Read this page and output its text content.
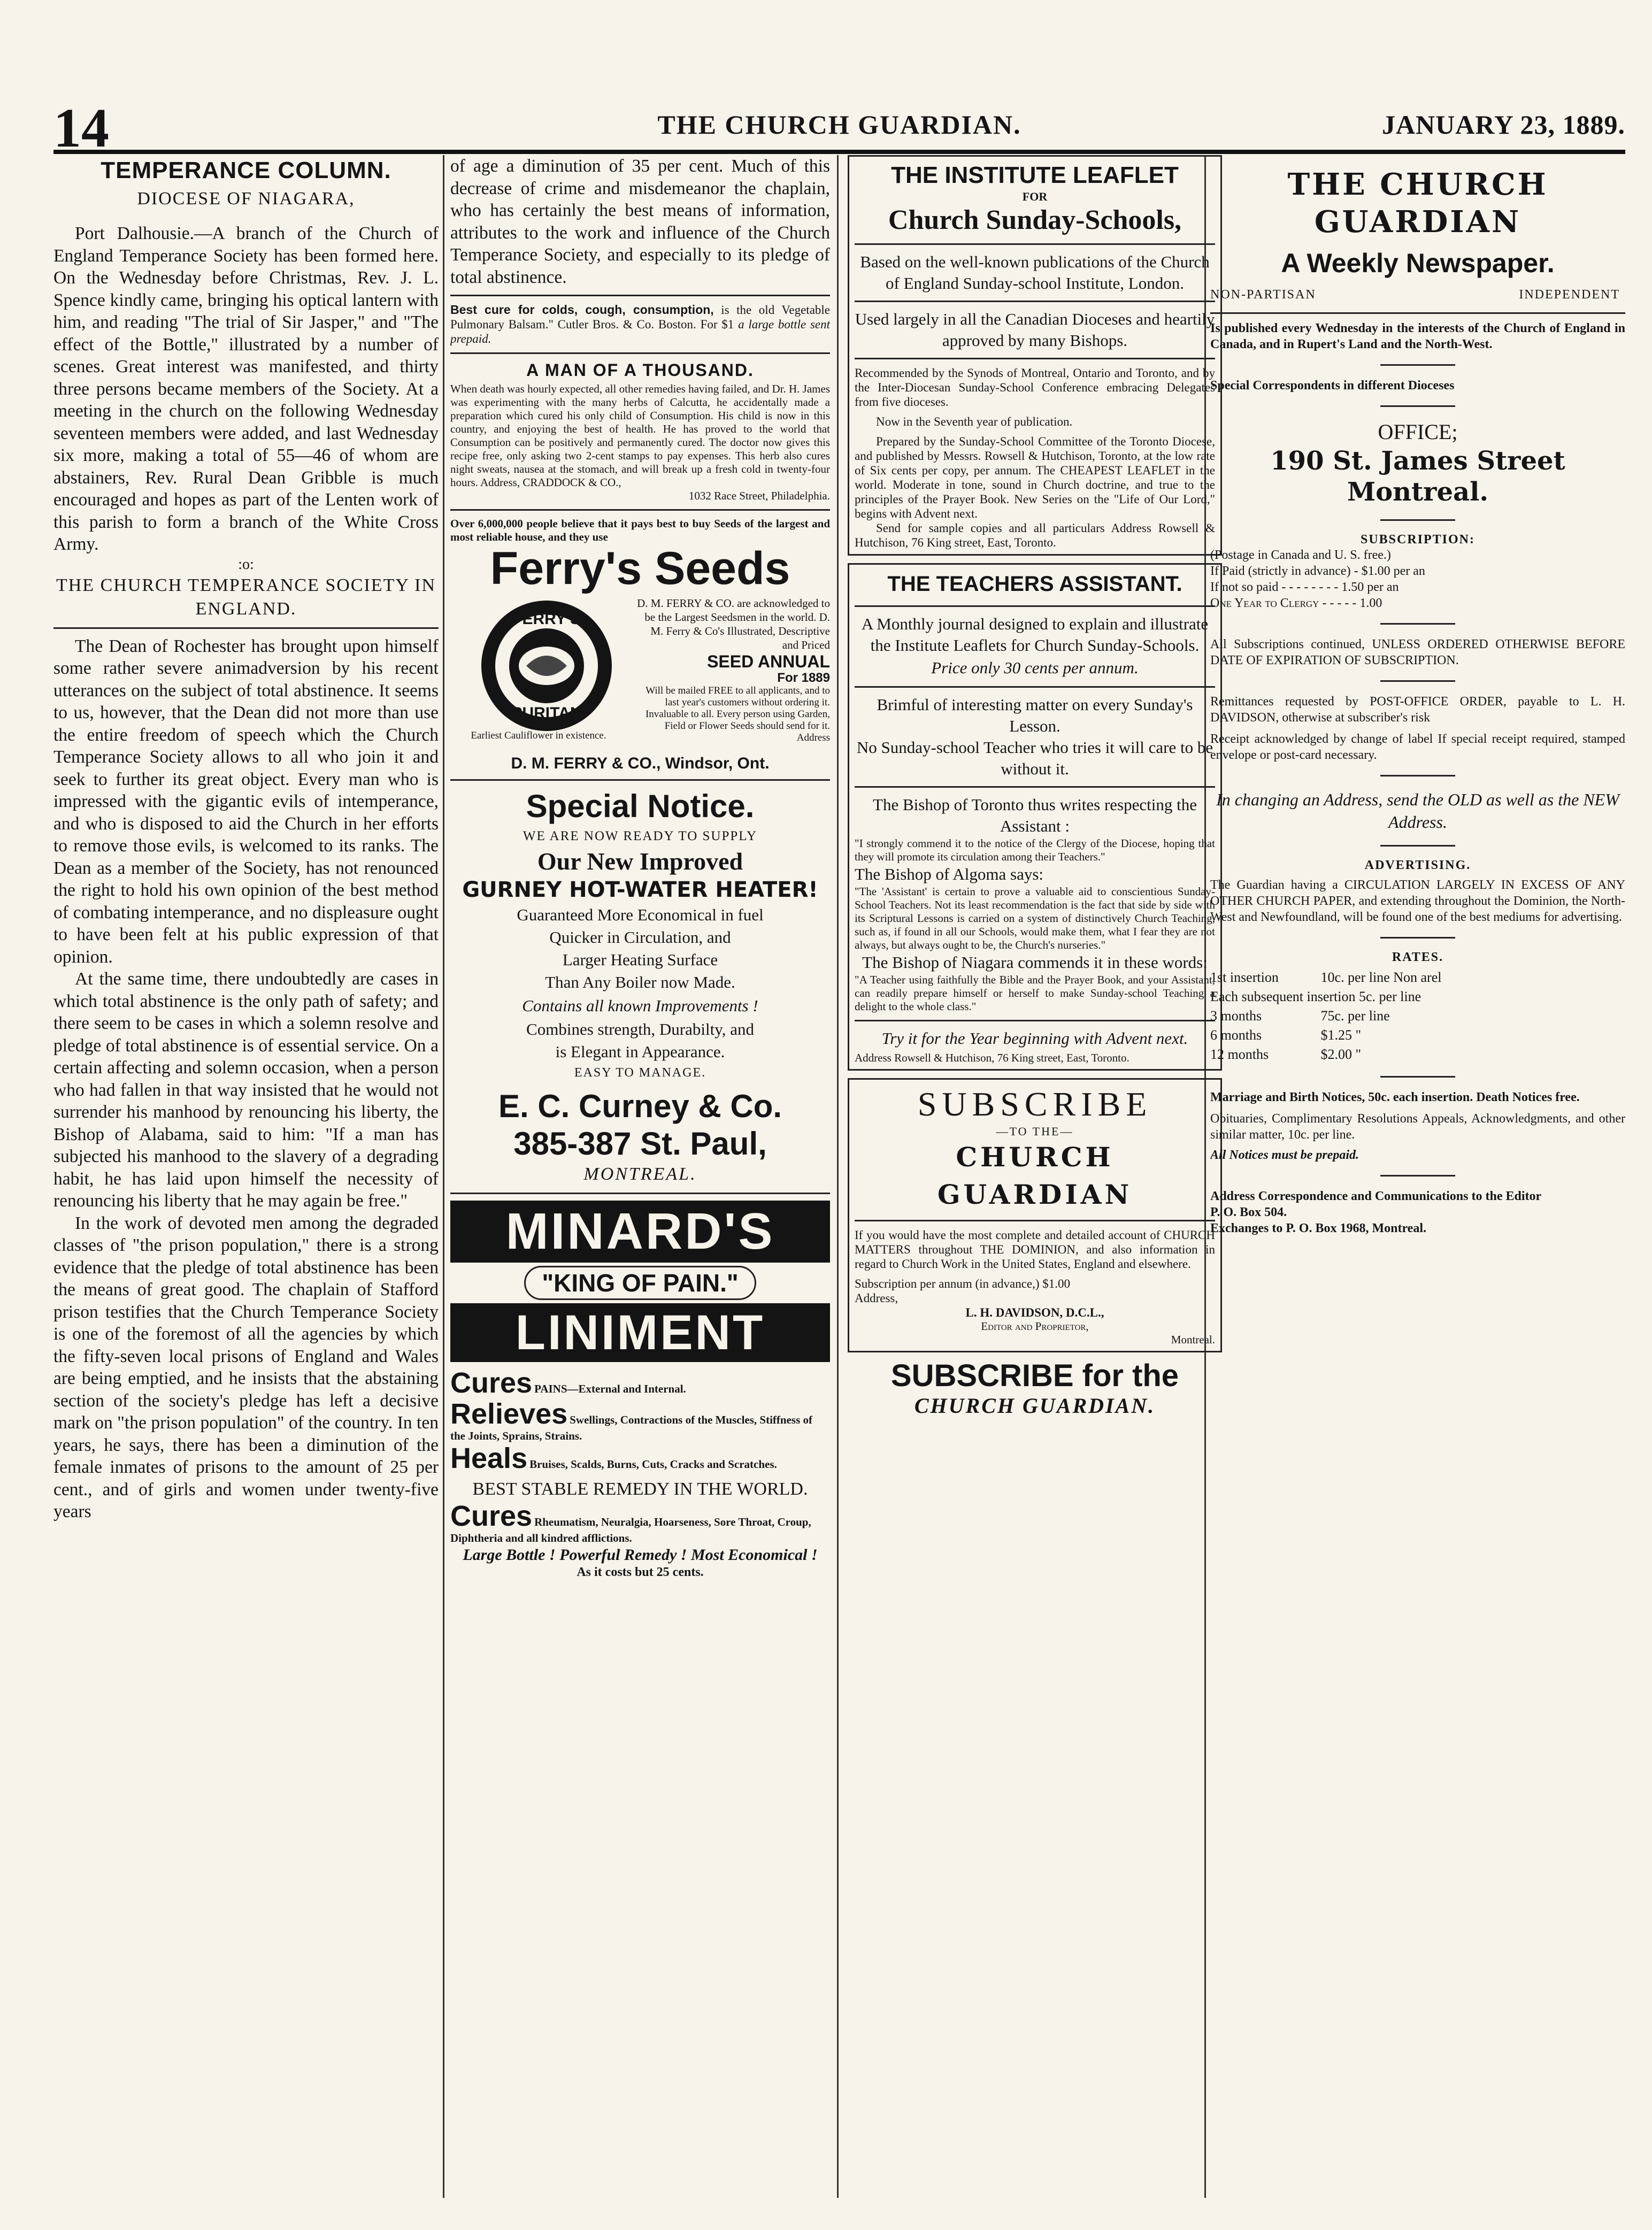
14	THE CHURCH GUARDIAN.	JANUARY 23, 1889.
TEMPERANCE COLUMN.
DIOCESE OF NIAGARA,

Port Dalhousie.—A branch of the Church of England Temperance Society has been formed here. On the Wednesday before Christmas, Rev. J. L. Spence kindly came, bringing his optical lantern with him, and reading "The trial of Sir Jasper," and "The effect of the Bottle," illustrated by a number of scenes. Great interest was manifested, and thirty three persons became members of the Society. At a meeting in the church on the following Wednesday seventeen members were added, and last Wednesday six more, making a total of 55—46 of whom are abstainers, Rev. Rural Dean Gribble is much encouraged and hopes as part of the Lenten work of this parish to form a branch of the White Cross Army.

:o:
THE CHURCH TEMPERANCE SOCIETY IN ENGLAND.

The Dean of Rochester has brought upon himself some rather severe animadversion by his recent utterances on the subject of total abstinence. It seems to us, however, that the Dean did not more than use the entire freedom of speech which the Church Temperance Society allows to all who join it and seek to further its great object. Every man who is impressed with the gigantic evils of intemperance, and who is disposed to aid the Church in her efforts to remove those evils, is welcomed to its ranks. The Dean as a member of the Society, has not renounced the right to hold his own opinion of the best method of combating intemperance, and no displeasure ought to have been felt at his public expression of that opinion.

At the same time, there undoubtedly are cases in which total abstinence is the only path of safety; and there seem to be cases in which a solemn resolve and pledge of total abstinence is of essential service. On a certain affecting and solemn occasion, when a person who had fallen in that way insisted that he would not surrender his manhood by renouncing his liberty, the Bishop of Alabama, said to him: "If a man has subjected his manhood to the slavery of a degrading habit, he has laid upon himself the necessity of renouncing his liberty that he may again be free."

In the work of devoted men among the degraded classes of "the prison population," there is a strong evidence that the pledge of total abstinence has been the means of great good. The chaplain of Stafford prison testifies that the Church Temperance Society is one of the foremost of all the agencies by which the fifty-seven local prisons of England and Wales are being emptied, and he insists that the abstaining section of the society's pledge has left a decisive mark on "the prison population" of the country. In ten years, he says, there has been a diminution of the female inmates of prisons to the amount of 25 per cent., and of girls and women under twenty-five years

of age a diminution of 35 per cent. Much of this decrease of crime and misdemeanor the chaplain, who has certainly the best means of information, attributes to the work and influence of the Church Temperance Society, and especially to its pledge of total abstinence.

Best cure for colds, cough, consumption, is the old Vegetable Pulmonary Balsam." Cutler Bros. & Co. Boston. For $1 a large bottle sent prepaid.

A MAN OF A THOUSAND.

When death was hourly expected, all other remedies having failed, and Dr. H. James was experimenting with the many herbs of Calcutta, he accidentally made a preparation which cured his only child of Consumption. His child is now in this country, and enjoying the best of health. He has proved to the world that Consumption can be positively and permanently cured. The doctor now gives this recipe free, only asking two 2-cent stamps to pay expenses. This herb also cures night sweats, nausea at the stomach, and will break up a fresh cold in twenty-four hours. Address, CRADDOCK & CO.,

1032 Race Street, Philadelphia.

Over 6,000,000 people believe that it pays best to buy Seeds of the largest and most reliable house, and they use

Ferry's Seeds
FERRY'S
PURITAN

D. M. FERRY & CO. are acknowledged to be the Largest Seedsmen in the world. D. M. Ferry & Co's Illustrated, Descriptive and Priced

SEED ANNUAL

For 1889

Will be mailed FREE to all applicants, and to last year's customers without ordering it. Invaluable to all. Every person using Garden, Field or Flower Seeds should send for it. Address

Earliest Cauliflower in existence.
D. M. FERRY & CO., Windsor, Ont.
Special Notice.
WE ARE NOW READY TO SUPPLY
Our New Improved
GURNEY HOT-WATER HEATER!
Guaranteed More Economical in fuel
Quicker in Circulation, and
Larger Heating Surface
Than Any Boiler now Made.
Contains all known Improvements !
Combines strength, Durabilty, and
is Elegant in Appearance.
EASY TO MANAGE.
E. C. Curney & Co.
385-387 St. Paul,
MONTREAL.
MINARD'S
"KING OF PAIN."
LINIMENT
Cures PAINS—External and Internal.
Relieves Swellings, Contractions of the Muscles, Stiffness of the Joints, Sprains, Strains.
Heals Bruises, Scalds, Burns, Cuts, Cracks and Scratches.
BEST STABLE REMEDY IN THE WORLD.
Cures Rheumatism, Neuralgia, Hoarseness, Sore Throat, Croup, Diphtheria and all kindred afflictions.
Large Bottle ! Powerful Remedy ! Most Economical !
As it costs but 25 cents.
THE INSTITUTE LEAFLET
FOR
Church Sunday-Schools,

Based on the well-known publications of the Church of England Sunday-school Institute, London.

Used largely in all the Canadian Dioceses and heartily approved by many Bishops.

Recommended by the Synods of Montreal, Ontario and Toronto, and by the Inter-Diocesan Sunday-School Conference embracing Delegates from five dioceses.

Now in the Seventh year of publication.

Prepared by the Sunday-School Committee of the Toronto Diocese, and published by Messrs. Rowsell & Hutchison, Toronto, at the low rate of Six cents per copy, per annum. The CHEAPEST LEAFLET in the world. Moderate in tone, sound in Church doctrine, and true to the principles of the Prayer Book. New Series on the "Life of Our Lord," begins with Advent next.

Send for sample copies and all particulars Address Rowsell & Hutchison, 76 King street, East, Toronto.

THE TEACHERS ASSISTANT.

A Monthly journal designed to explain and illustrate the Institute Leaflets for Church Sunday-Schools.

Price only 30 cents per annum.

Brimful of interesting matter on every Sunday's Lesson.

No Sunday-school Teacher who tries it will care to be without it.

The Bishop of Toronto thus writes respecting the Assistant :

"I strongly commend it to the notice of the Clergy of the Diocese, hoping that they will promote its circulation among their Teachers."

The Bishop of Algoma says:

"The 'Assistant' is certain to prove a valuable aid to conscientious Sunday-School Teachers. Not its least recommendation is the fact that side by side with its Scriptural Lessons is carried on a system of distinctively Church Teaching, such as, if found in all our Schools, would make them, what I fear they are not always, but always ought to be, the Church's nurseries."

The Bishop of Niagara commends it in these words:

"A Teacher using faithfully the Bible and the Prayer Book, and your Assistant, can readily prepare himself or herself to make Sunday-school Teaching a delight to the whole class."

Try it for the Year beginning with Advent next.

Address Rowsell & Hutchison, 76 King street, East, Toronto.

SUBSCRIBE
—TO THE—
CHURCH GUARDIAN

If you would have the most complete and detailed account of CHURCH MATTERS throughout THE DOMINION, and also information in regard to Church Work in the United States, England and elsewhere.

Subscription per annum (in advance,) $1.00

Address,

L. H. DAVIDSON, D.C.L.,

Editor and Proprietor,

Montreal.

SUBSCRIBE for the
CHURCH GUARDIAN.
THE CHURCH GUARDIAN
A Weekly Newspaper.
NON-PARTISAN	INDEPENDENT

Is published every Wednesday in the interests of the Church of England in Canada, and in Rupert's Land and the North-West.

Special Correspondents in different Dioceses

OFFICE;
190 St. James Street Montreal.
SUBSCRIPTION:

(Postage in Canada and U. S. free.)

If Paid (strictly in advance) - $1.00 per an

If not so paid - - - - - - - - 1.50 per an

One Year to Clergy - - - - - 1.00

All Subscriptions continued, UNLESS ORDERED OTHERWISE BEFORE DATE OF EXPIRATION OF SUBSCRIPTION.

Remittances requested by POST-OFFICE ORDER, payable to L. H. DAVIDSON, otherwise at subscriber's risk

Receipt acknowledged by change of label If special receipt required, stamped envelope or post-card necessary.

In changing an Address, send the OLD as well as the NEW Address.

ADVERTISING.

The Guardian having a CIRCULATION LARGELY IN EXCESS OF ANY OTHER CHURCH PAPER, and extending throughout the Dominion, the North-West and Newfoundland, will be found one of the best mediums for advertising.

RATES.
1st insertion	10c. per line Non arel
Each subsequent insertion 5c. per line
3 months	75c. per line
6 months	$1.25 "
12 months	$2.00 "

Marriage and Birth Notices, 50c. each insertion. Death Notices free.

Obituaries, Complimentary Resolutions Appeals, Acknowledgments, and other similar matter, 10c. per line.

All Notices must be prepaid.

Address Correspondence and Communications to the Editor

P. O. Box 504.

Exchanges to P. O. Box 1968, Montreal.
